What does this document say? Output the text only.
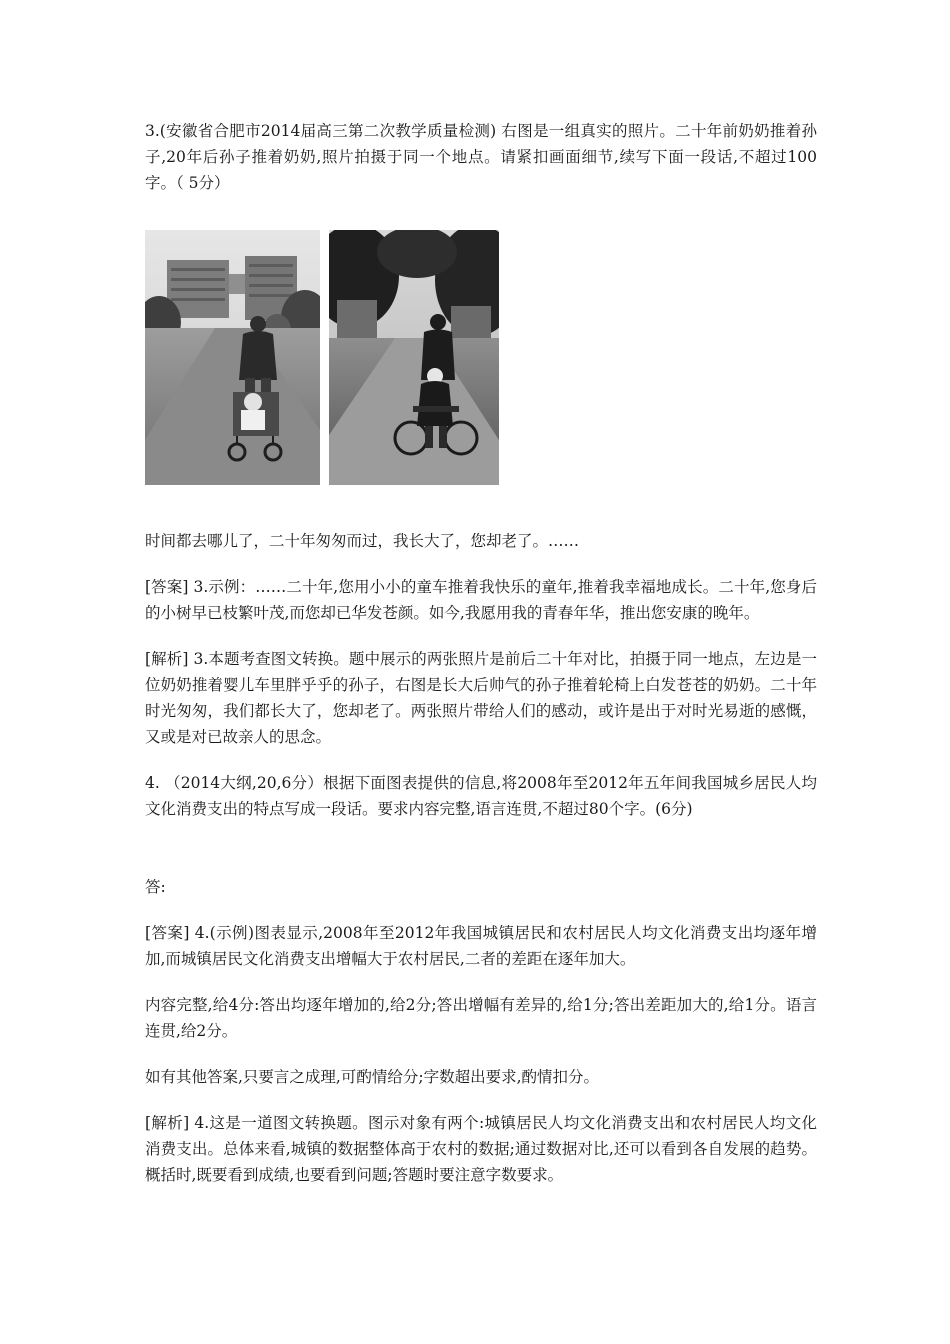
3.(安徽省合肥市2014届高三第二次教学质量检测) 右图是一组真实的照片。二十年前奶奶推着孙子,20年后孙子推着奶奶,照片拍摄于同一个地点。请紧扣画面细节,续写下面一段话,不超过100字。（ 5分）

时间都去哪儿了，二十年匆匆而过，我长大了，您却老了。……

[答案] 3.示例：……二十年,您用小小的童车推着我快乐的童年,推着我幸福地成长。二十年,您身后的小树早已枝繁叶茂,而您却已华发苍颜。如今,我愿用我的青春年华，推出您安康的晚年。

[解析] 3.本题考查图文转换。题中展示的两张照片是前后二十年对比，拍摄于同一地点，左边是一位奶奶推着婴儿车里胖乎乎的孙子，右图是长大后帅气的孙子推着轮椅上白发苍苍的奶奶。二十年时光匆匆，我们都长大了，您却老了。两张照片带给人们的感动，或许是出于对时光易逝的感慨，又或是对已故亲人的思念。

4. （2014大纲,20,6分）根据下面图表提供的信息,将2008年至2012年五年间我国城乡居民人均文化消费支出的特点写成一段话。要求内容完整,语言连贯,不超过80个字。(6分)

答:

[答案] 4.(示例)图表显示,2008年至2012年我国城镇居民和农村居民人均文化消费支出均逐年增加,而城镇居民文化消费支出增幅大于农村居民,二者的差距在逐年加大。

内容完整,给4分:答出均逐年增加的,给2分;答出增幅有差异的,给1分;答出差距加大的,给1分。语言连贯,给2分。

如有其他答案,只要言之成理,可酌情给分;字数超出要求,酌情扣分。

[解析] 4.这是一道图文转换题。图示对象有两个:城镇居民人均文化消费支出和农村居民人均文化消费支出。总体来看,城镇的数据整体高于农村的数据;通过数据对比,还可以看到各自发展的趋势。概括时,既要看到成绩,也要看到问题;答题时要注意字数要求。
